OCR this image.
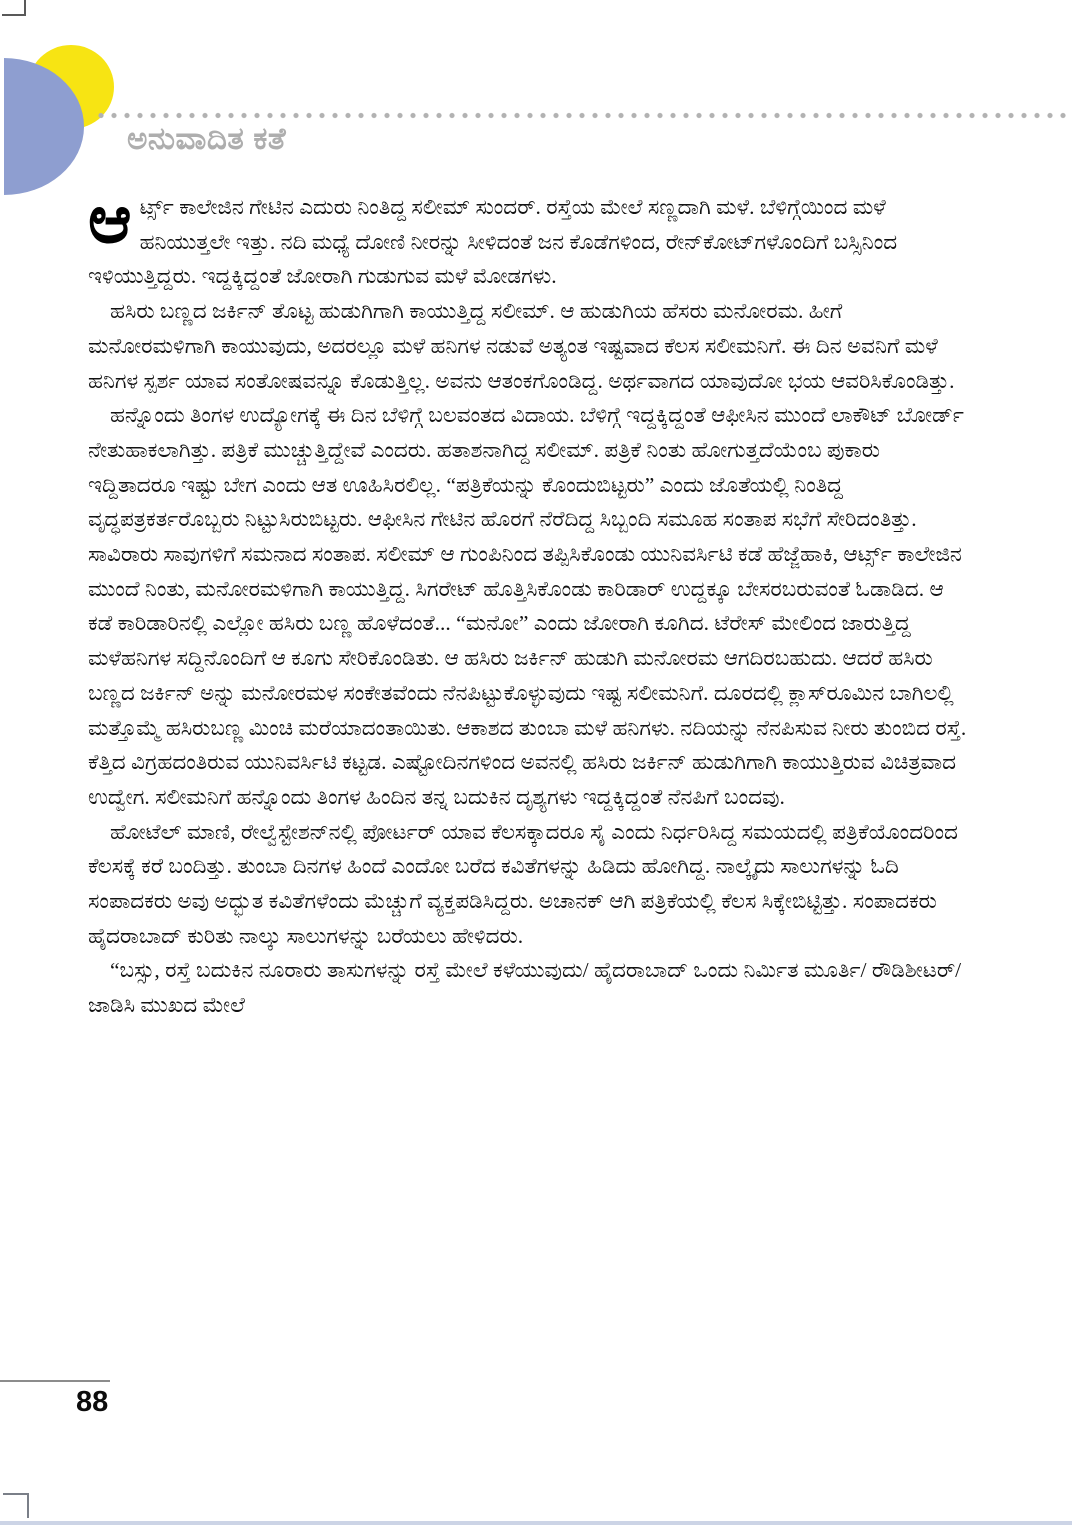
ಅನುವಾದಿತ ಕತೆ

ಆರ್ಟ್ಸ್ ಕಾಲೇಜಿನ ಗೇಟಿನ ಎದುರು ನಿಂತಿದ್ದ ಸಲೀಮ್ ಸುಂದರ್. ರಸ್ತೆಯ ಮೇಲೆ ಸಣ್ಣದಾಗಿ ಮಳೆ. ಬೆಳಿಗ್ಗೆಯಿಂದ ಮಳೆ ಹನಿಯುತ್ತಲೇ ಇತ್ತು. ನದಿ ಮಧ್ಯೆ ದೋಣಿ ನೀರನ್ನು ಸೀಳಿದಂತೆ ಜನ ಕೊಡೆಗಳಿಂದ, ರೇನ್‌ಕೋಟ್‌ಗಳೊಂದಿಗೆ ಬಸ್ಸಿನಿಂದ ಇಳಿಯುತ್ತಿದ್ದರು. ಇದ್ದಕ್ಕಿದ್ದಂತೆ ಜೋರಾಗಿ ಗುಡುಗುವ ಮಳೆ ಮೋಡಗಳು.

ಹಸಿರು ಬಣ್ಣದ ಜರ್ಕಿನ್ ತೊಟ್ಟ ಹುಡುಗಿಗಾಗಿ ಕಾಯುತ್ತಿದ್ದ ಸಲೀಮ್. ಆ ಹುಡುಗಿಯ ಹೆಸರು ಮನೋರಮ. ಹೀಗೆ ಮನೋರಮಳಿಗಾಗಿ ಕಾಯುವುದು, ಅದರಲ್ಲೂ ಮಳೆ ಹನಿಗಳ ನಡುವೆ ಅತ್ಯಂತ ಇಷ್ಟವಾದ ಕೆಲಸ ಸಲೀಮನಿಗೆ. ಈ ದಿನ ಅವನಿಗೆ ಮಳೆ ಹನಿಗಳ ಸ್ಪರ್ಶ ಯಾವ ಸಂತೋಷವನ್ನೂ ಕೊಡುತ್ತಿಲ್ಲ. ಅವನು ಆತಂಕಗೊಂಡಿದ್ದ. ಅರ್ಥವಾಗದ ಯಾವುದೋ ಭಯ ಆವರಿಸಿಕೊಂಡಿತ್ತು.

ಹನ್ನೊಂದು ತಿಂಗಳ ಉದ್ಯೋಗಕ್ಕೆ ಈ ದಿನ ಬೆಳಿಗ್ಗೆ ಬಲವಂತದ ವಿದಾಯ. ಬೆಳಿಗ್ಗೆ ಇದ್ದಕ್ಕಿದ್ದಂತೆ ಆಫೀಸಿನ ಮುಂದೆ ಲಾಕೌಟ್ ಬೋರ್ಡ್ ನೇತುಹಾಕಲಾಗಿತ್ತು. ಪತ್ರಿಕೆ ಮುಚ್ಚುತ್ತಿದ್ದೇವೆ ಎಂದರು. ಹತಾಶನಾಗಿದ್ದ ಸಲೀಮ್. ಪತ್ರಿಕೆ ನಿಂತು ಹೋಗುತ್ತದೆಯೆಂಬ ಪುಕಾರು ಇದ್ದಿತಾದರೂ ಇಷ್ಟು ಬೇಗ ಎಂದು ಆತ ಊಹಿಸಿರಲಿಲ್ಲ. “ಪತ್ರಿಕೆಯನ್ನು ಕೊಂದುಬಿಟ್ಟರು” ಎಂದು ಜೊತೆಯಲ್ಲಿ ನಿಂತಿದ್ದ ವೃದ್ಧಪತ್ರಕರ್ತರೊಬ್ಬರು ನಿಟ್ಟುಸಿರುಬಿಟ್ಟರು. ಆಫೀಸಿನ ಗೇಟಿನ ಹೊರಗೆ ನೆರೆದಿದ್ದ ಸಿಬ್ಬಂದಿ ಸಮೂಹ ಸಂತಾಪ ಸಭೆಗೆ ಸೇರಿದಂತಿತ್ತು. ಸಾವಿರಾರು ಸಾವುಗಳಿಗೆ ಸಮನಾದ ಸಂತಾಪ. ಸಲೀಮ್ ಆ ಗುಂಪಿನಿಂದ ತಪ್ಪಿಸಿಕೊಂಡು ಯುನಿವರ್ಸಿಟಿ ಕಡೆ ಹೆಜ್ಜೆಹಾಕಿ, ಆರ್ಟ್ಸ್ ಕಾಲೇಜಿನ ಮುಂದೆ ನಿಂತು, ಮನೋರಮಳಿಗಾಗಿ ಕಾಯುತ್ತಿದ್ದ. ಸಿಗರೇಟ್ ಹೊತ್ತಿಸಿಕೊಂಡು ಕಾರಿಡಾರ್ ಉದ್ದಕ್ಕೂ ಬೇಸರಬರುವಂತೆ ಓಡಾಡಿದ. ಆ ಕಡೆ ಕಾರಿಡಾರಿನಲ್ಲಿ ಎಲ್ಲೋ ಹಸಿರು ಬಣ್ಣ ಹೊಳೆದಂತೆ... “ಮನೋ” ಎಂದು ಜೋರಾಗಿ ಕೂಗಿದ. ಟೆರೇಸ್ ಮೇಲಿಂದ ಜಾರುತ್ತಿದ್ದ ಮಳೆಹನಿಗಳ ಸದ್ದಿನೊಂದಿಗೆ ಆ ಕೂಗು ಸೇರಿಕೊಂಡಿತು. ಆ ಹಸಿರು ಜರ್ಕಿನ್ ಹುಡುಗಿ ಮನೋರಮ ಆಗದಿರಬಹುದು. ಆದರೆ ಹಸಿರು ಬಣ್ಣದ ಜರ್ಕಿನ್ ಅನ್ನು ಮನೋರಮಳ ಸಂಕೇತವೆಂದು ನೆನಪಿಟ್ಟುಕೊಳ್ಳುವುದು ಇಷ್ಟ ಸಲೀಮನಿಗೆ. ದೂರದಲ್ಲಿ ಕ್ಲಾಸ್‌ರೂಮಿನ ಬಾಗಿಲಲ್ಲಿ ಮತ್ತೊಮ್ಮೆ ಹಸಿರುಬಣ್ಣ ಮಿಂಚಿ ಮರೆಯಾದಂತಾಯಿತು. ಆಕಾಶದ ತುಂಬಾ ಮಳೆ ಹನಿಗಳು. ನದಿಯನ್ನು ನೆನಪಿಸುವ ನೀರು ತುಂಬಿದ ರಸ್ತೆ. ಕೆತ್ತಿದ ವಿಗ್ರಹದಂತಿರುವ ಯುನಿವರ್ಸಿಟಿ ಕಟ್ಟಡ. ಎಷ್ಟೋದಿನಗಳಿಂದ ಅವನಲ್ಲಿ ಹಸಿರು ಜರ್ಕಿನ್ ಹುಡುಗಿಗಾಗಿ ಕಾಯುತ್ತಿರುವ ವಿಚಿತ್ರವಾದ ಉದ್ವೇಗ. ಸಲೀಮನಿಗೆ ಹನ್ನೊಂದು ತಿಂಗಳ ಹಿಂದಿನ ತನ್ನ ಬದುಕಿನ ದೃಶ್ಯಗಳು ಇದ್ದಕ್ಕಿದ್ದಂತೆ ನೆನಪಿಗೆ ಬಂದವು.

ಹೋಟೆಲ್ ಮಾಣಿ, ರೇಲ್ವೆಸ್ಟೇಶನ್‌ನಲ್ಲಿ ಪೋರ್ಟರ್ ಯಾವ ಕೆಲಸಕ್ಕಾದರೂ ಸೈ ಎಂದು ನಿರ್ಧರಿಸಿದ್ದ ಸಮಯದಲ್ಲಿ ಪತ್ರಿಕೆಯೊಂದರಿಂದ ಕೆಲಸಕ್ಕೆ ಕರೆ ಬಂದಿತ್ತು. ತುಂಬಾ ದಿನಗಳ ಹಿಂದೆ ಎಂದೋ ಬರೆದ ಕವಿತೆಗಳನ್ನು ಹಿಡಿದು ಹೋಗಿದ್ದ. ನಾಲ್ಕೈದು ಸಾಲುಗಳನ್ನು ಓದಿ ಸಂಪಾದಕರು ಅವು ಅದ್ಭುತ ಕವಿತೆಗಳೆಂದು ಮೆಚ್ಚುಗೆ ವ್ಯಕ್ತಪಡಿಸಿದ್ದರು. ಅಚಾನಕ್ ಆಗಿ ಪತ್ರಿಕೆಯಲ್ಲಿ ಕೆಲಸ ಸಿಕ್ಕೇಬಿಟ್ಟಿತ್ತು. ಸಂಪಾದಕರು ಹೈದರಾಬಾದ್ ಕುರಿತು ನಾಲ್ಕು ಸಾಲುಗಳನ್ನು ಬರೆಯಲು ಹೇಳಿದರು.

“ಬಸ್ಸು, ರಸ್ತೆ ಬದುಕಿನ ನೂರಾರು ತಾಸುಗಳನ್ನು ರಸ್ತೆ ಮೇಲೆ ಕಳೆಯುವುದು/ ಹೈದರಾಬಾದ್ ಒಂದು ನಿರ್ಮಿತ ಮೂರ್ತಿ/ ರೌಡಿಶೀಟರ್/ ಜಾಡಿಸಿ ಮುಖದ ಮೇಲೆ

88
